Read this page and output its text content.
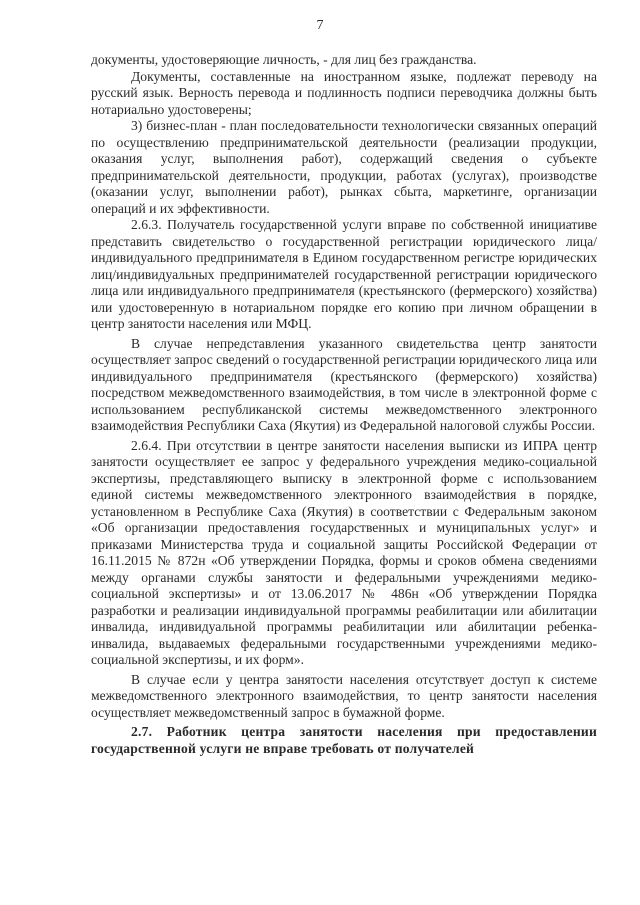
7

документы, удостоверяющие личность, - для лиц без гражданства.

Документы, составленные на иностранном языке, подлежат переводу на русский язык. Верность перевода и подлинность подписи переводчика должны быть нотариально удостоверены;

3) бизнес-план - план последовательности технологически связанных операций по осуществлению предпринимательской деятельности (реализации продукции, оказания услуг, выполнения работ), содержащий сведения о субъекте предпринимательской деятельности, продукции, работах (услугах), производстве (оказании услуг, выполнении работ), рынках сбыта, маркетинге, организации операций и их эффективности.

2.6.3. Получатель государственной услуги вправе по собственной инициативе представить свидетельство о государственной регистрации юридического лица/индивидуального предпринимателя в Едином государственном регистре юридических лиц/индивидуальных предпринимателей государственной регистрации юридического лица или индивидуального предпринимателя (крестьянского (фермерского) хозяйства) или удостоверенную в нотариальном порядке его копию при личном обращении в центр занятости населения или МФЦ.

В случае непредставления указанного свидетельства центр занятости осуществляет запрос сведений о государственной регистрации юридического лица или индивидуального предпринимателя (крестьянского (фермерского) хозяйства) посредством межведомственного взаимодействия, в том числе в электронной форме с использованием республиканской системы межведомственного электронного взаимодействия Республики Саха (Якутия) из Федеральной налоговой службы России.

2.6.4. При отсутствии в центре занятости населения выписки из ИПРА центр занятости осуществляет ее запрос у федерального учреждения медико-социальной экспертизы, представляющего выписку в электронной форме с использованием единой системы межведомственного электронного взаимодействия в порядке, установленном в Республике Саха (Якутия) в соответствии с Федеральным законом «Об организации предоставления государственных и муниципальных услуг» и приказами Министерства труда и социальной защиты Российской Федерации от 16.11.2015 № 872н «Об утверждении Порядка, формы и сроков обмена сведениями между органами службы занятости и федеральными учреждениями медико-социальной экспертизы» и от 13.06.2017 № 486н «Об утверждении Порядка разработки и реализации индивидуальной программы реабилитации или абилитации инвалида, индивидуальной программы реабилитации или абилитации ребенка-инвалида, выдаваемых федеральными государственными учреждениями медико-социальной экспертизы, и их форм».

В случае если у центра занятости населения отсутствует доступ к системе межведомственного электронного взаимодействия, то центр занятости населения осуществляет межведомственный запрос в бумажной форме.

2.7. Работник центра занятости населения при предоставлении государственной услуги не вправе требовать от получателей
